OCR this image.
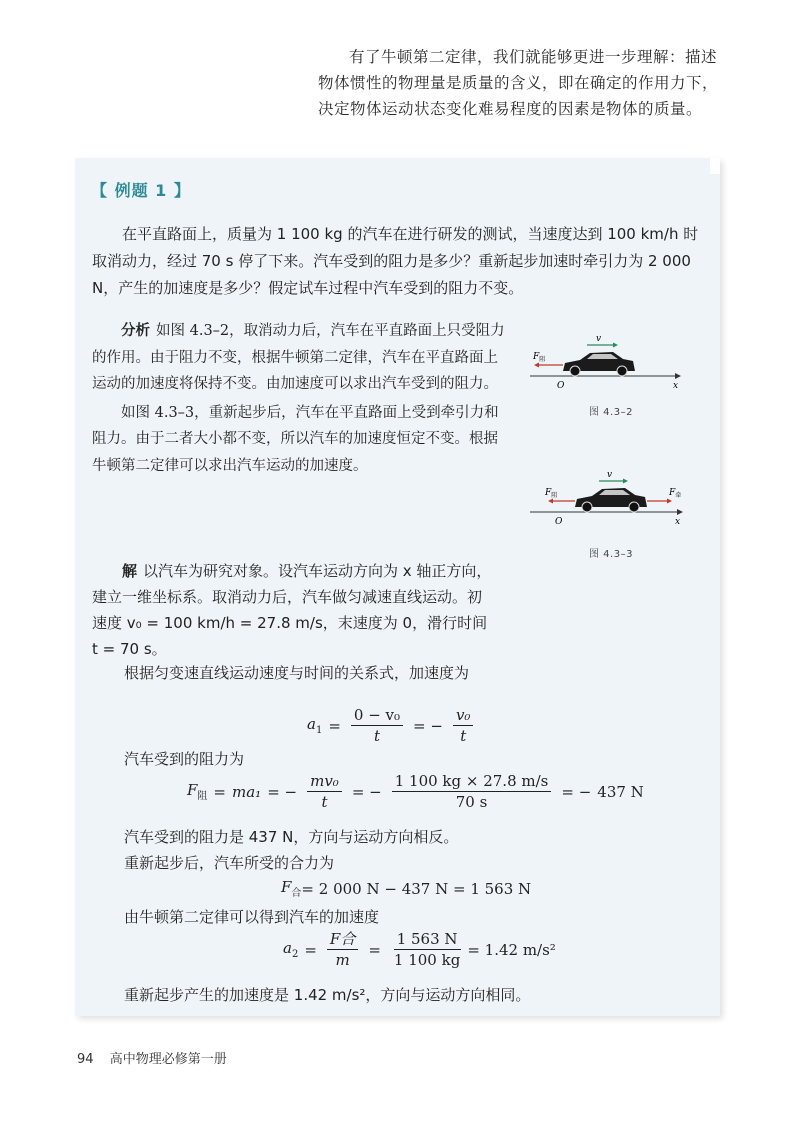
有了牛顿第二定律，我们就能够更进一步理解：描述物体惯性的物理量是质量的含义，即在确定的作用力下，决定物体运动状态变化难易程度的因素是物体的质量。

【 例题 1 】

在平直路面上，质量为 1 100 kg 的汽车在进行研发的测试，当速度达到 100 km/h 时取消动力，经过 70 s 停了下来。汽车受到的阻力是多少？重新起步加速时牵引力为 2 000 N，产生的加速度是多少？假定试车过程中汽车受到的阻力不变。

分析 如图 4.3–2，取消动力后，汽车在平直路面上只受阻力的作用。由于阻力不变，根据牛顿第二定律，汽车在平直路面上运动的加速度将保持不变。由加速度可以求出汽车受到的阻力。

如图 4.3–3，重新起步后，汽车在平直路面上受到牵引力和阻力。由于二者大小都不变，所以汽车的加速度恒定不变。根据牛顿第二定律可以求出汽车运动的加速度。

v
$F_阻$
O	x
图 4.3–2
v
$F_阻$	$F_牵$
O	x
图 4.3–3

解 以汽车为研究对象。设汽车运动方向为 x 轴正方向，建立一维坐标系。取消动力后，汽车做匀减速直线运动。初速度 v₀ = 100 km/h = 27.8 m/s，末速度为 0，滑行时间 t = 70 s。

根据匀变速直线运动速度与时间的关系式，加速度为
$a_1 = \frac{\text{0 − v₀}}{t}$ = − $\frac{\text{v₀}}{t}$
汽车受到的阻力为
$F_阻 = ma_1$ = − $\frac{\text{mv₀}}{t}$ = − $\frac{1 100 kg \times 27.8 m/s}{70 s}$ = − 437 N
汽车受到的阻力是 437 N，方向与运动方向相反。
重新起步后，汽车所受的合力为
$F_合 = 2$ 000 N − 437 N = 1 563 N
由牛顿第二定律可以得到汽车的加速度
$a_2 = \frac{\text{F合}}{m} = \frac{1 563 N}{1 100 kg} = 1.42$ m/s²
重新起步产生的加速度是 1.42 m/s²，方向与运动方向相同。
94 高中物理必修第一册
